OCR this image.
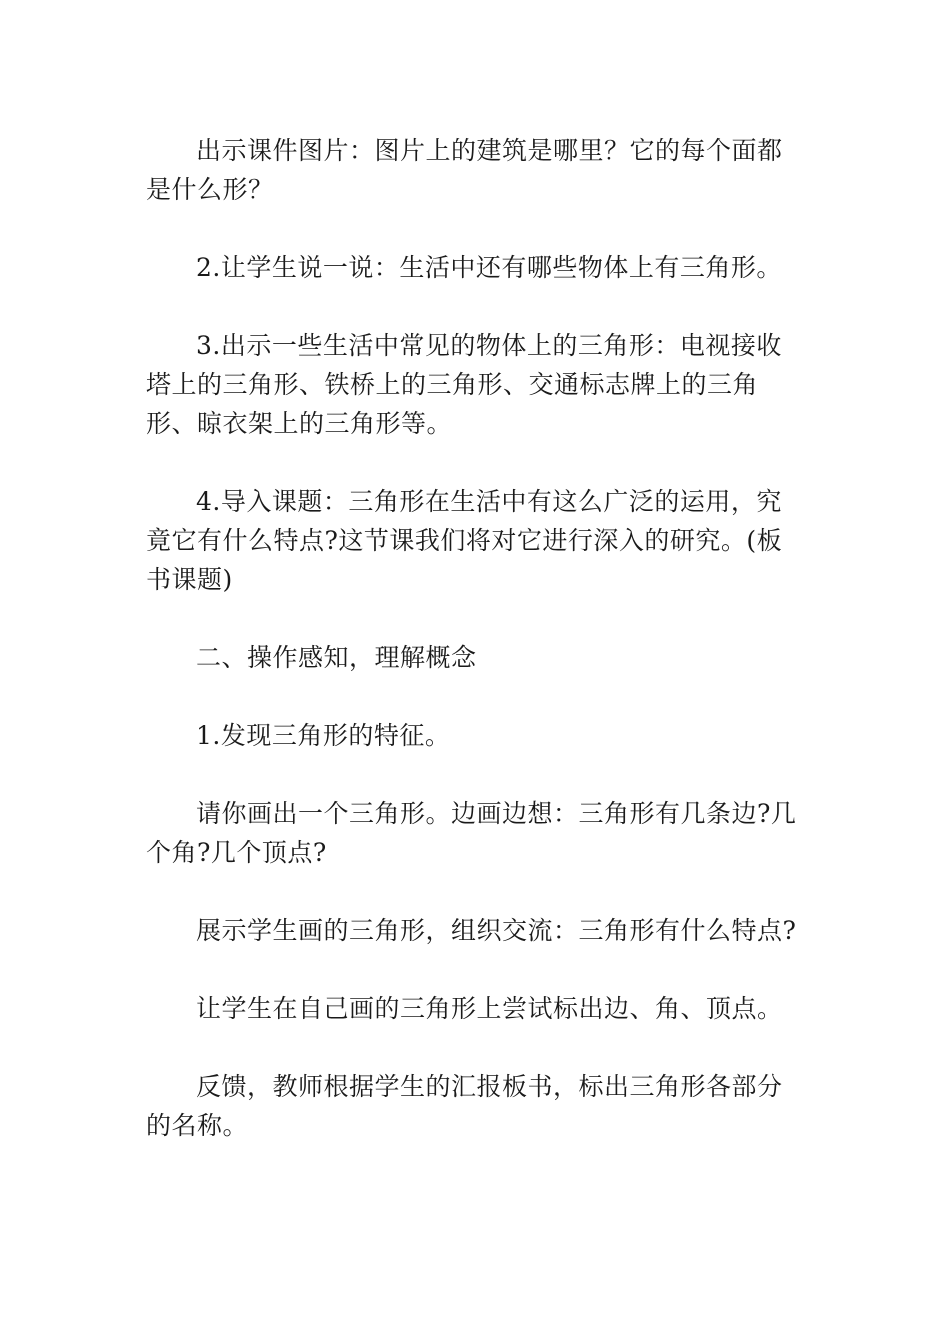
出示课件图片：图片上的建筑是哪里？它的每个面都是什么形？

2.让学生说一说：生活中还有哪些物体上有三角形。

3.出示一些生活中常见的物体上的三角形：电视接收塔上的三角形、铁桥上的三角形、交通标志牌上的三角形、晾衣架上的三角形等。

4.导入课题：三角形在生活中有这么广泛的运用，究竟它有什么特点?这节课我们将对它进行深入的研究。(板书课题)

二、操作感知，理解概念

1.发现三角形的特征。

请你画出一个三角形。边画边想：三角形有几条边?几个角?几个顶点?

展示学生画的三角形，组织交流：三角形有什么特点?

让学生在自己画的三角形上尝试标出边、角、顶点。

反馈，教师根据学生的汇报板书，标出三角形各部分的名称。
